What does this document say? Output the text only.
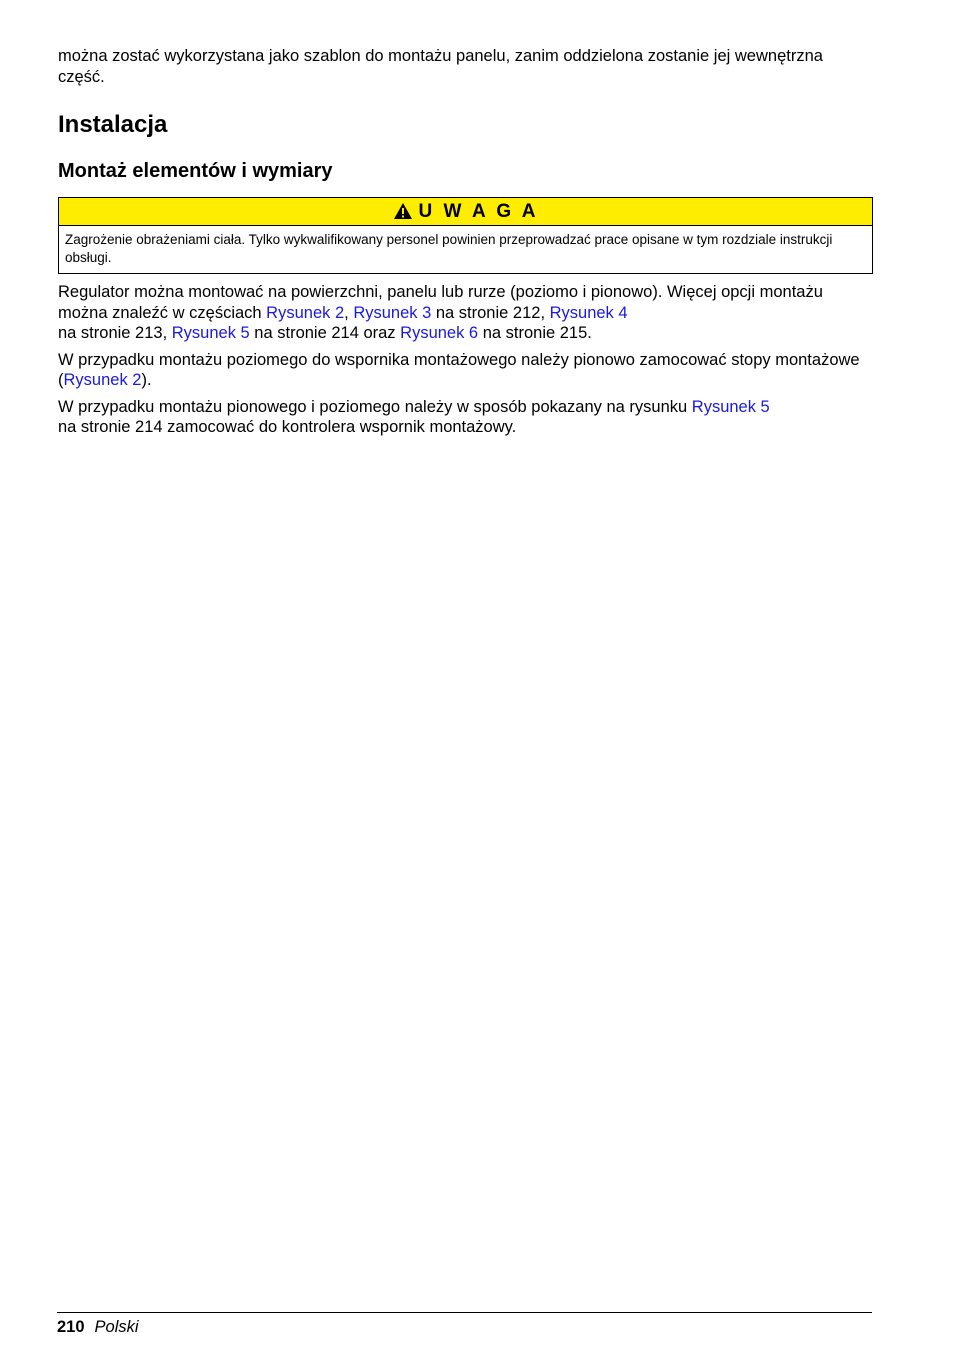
można zostać wykorzystana jako szablon do montażu panelu, zanim oddzielona zostanie jej wewnętrzna część.

Instalacja
Montaż elementów i wymiary
U W A G A
Zagrożenie obrażeniami ciała. Tylko wykwalifikowany personel powinien przeprowadzać prace opisane w tym rozdziale instrukcji obsługi.

Regulator można montować na powierzchni, panelu lub rurze (poziomo i pionowo). Więcej opcji montażu można znaleźć w częściach Rysunek 2, Rysunek 3 na stronie 212, Rysunek 4
na stronie 213, Rysunek 5 na stronie 214 oraz Rysunek 6 na stronie 215.

W przypadku montażu poziomego do wspornika montażowego należy pionowo zamocować stopy montażowe (Rysunek 2).

W przypadku montażu pionowego i poziomego należy w sposób pokazany na rysunku Rysunek 5
na stronie 214 zamocować do kontrolera wspornik montażowy.

210 Polski
